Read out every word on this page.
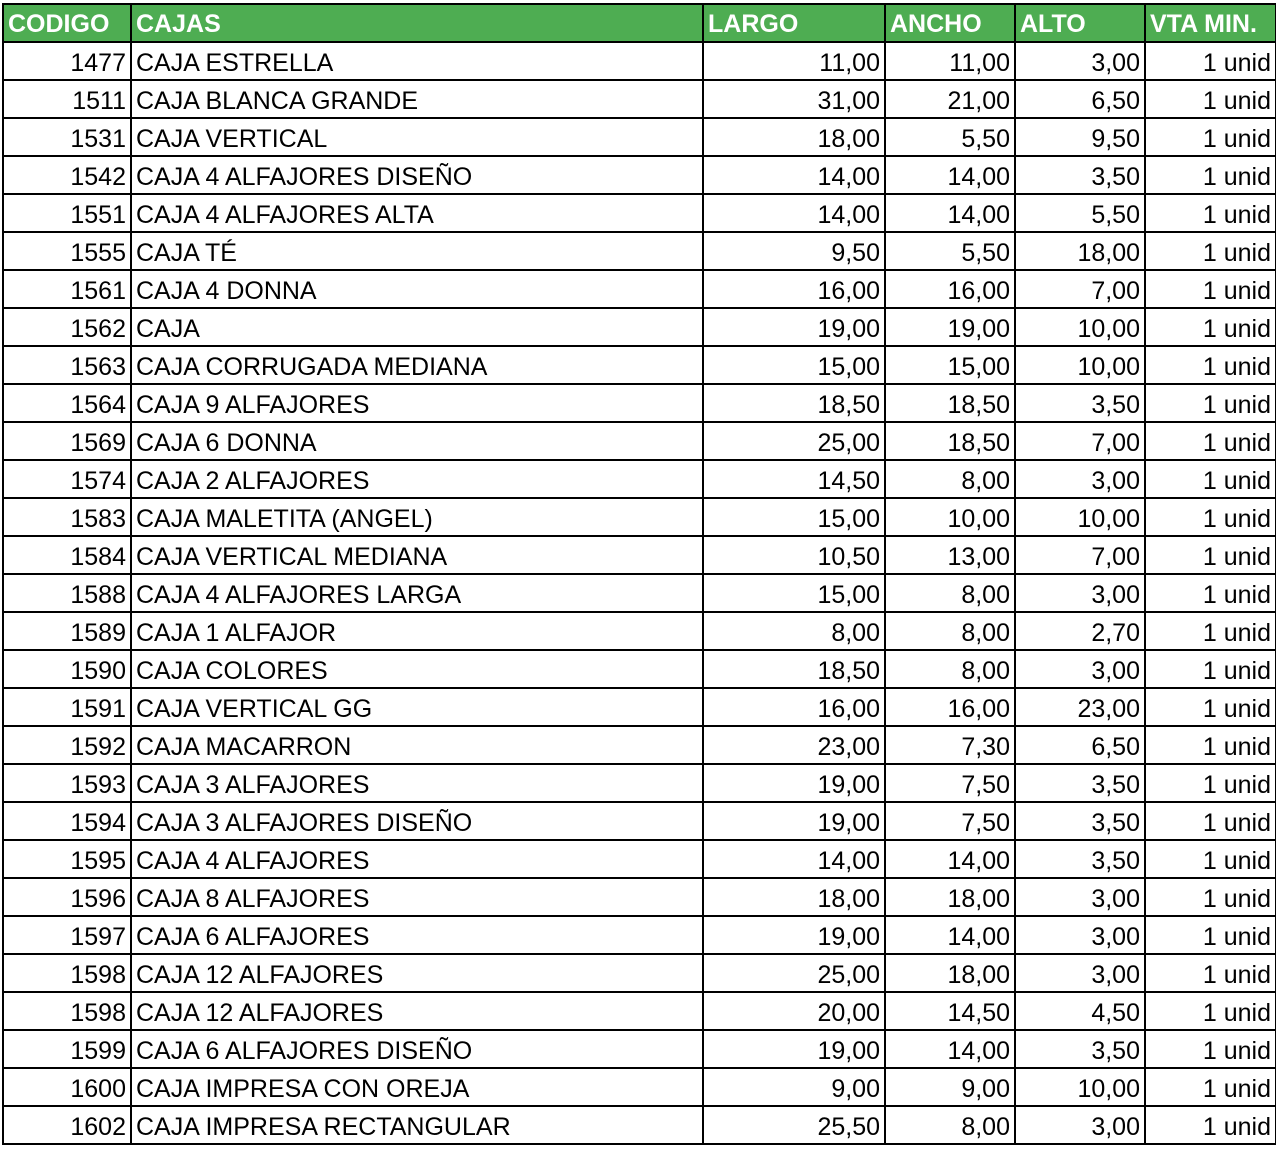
CODIGO	CAJAS	LARGO	ANCHO	ALTO	VTA MIN.
1477	CAJA ESTRELLA	11,00	11,00	3,00	1 unid
1511	CAJA BLANCA GRANDE	31,00	21,00	6,50	1 unid
1531	CAJA VERTICAL	18,00	5,50	9,50	1 unid
1542	CAJA 4 ALFAJORES DISEÑO	14,00	14,00	3,50	1 unid
1551	CAJA 4 ALFAJORES ALTA	14,00	14,00	5,50	1 unid
1555	CAJA TÉ	9,50	5,50	18,00	1 unid
1561	CAJA 4 DONNA	16,00	16,00	7,00	1 unid
1562	CAJA	19,00	19,00	10,00	1 unid
1563	CAJA CORRUGADA MEDIANA	15,00	15,00	10,00	1 unid
1564	CAJA 9 ALFAJORES	18,50	18,50	3,50	1 unid
1569	CAJA 6 DONNA	25,00	18,50	7,00	1 unid
1574	CAJA 2 ALFAJORES	14,50	8,00	3,00	1 unid
1583	CAJA MALETITA (ANGEL)	15,00	10,00	10,00	1 unid
1584	CAJA VERTICAL MEDIANA	10,50	13,00	7,00	1 unid
1588	CAJA 4 ALFAJORES LARGA	15,00	8,00	3,00	1 unid
1589	CAJA 1 ALFAJOR	8,00	8,00	2,70	1 unid
1590	CAJA COLORES	18,50	8,00	3,00	1 unid
1591	CAJA VERTICAL GG	16,00	16,00	23,00	1 unid
1592	CAJA MACARRON	23,00	7,30	6,50	1 unid
1593	CAJA 3 ALFAJORES	19,00	7,50	3,50	1 unid
1594	CAJA 3 ALFAJORES DISEÑO	19,00	7,50	3,50	1 unid
1595	CAJA 4 ALFAJORES	14,00	14,00	3,50	1 unid
1596	CAJA 8 ALFAJORES	18,00	18,00	3,00	1 unid
1597	CAJA 6 ALFAJORES	19,00	14,00	3,00	1 unid
1598	CAJA 12 ALFAJORES	25,00	18,00	3,00	1 unid
1598	CAJA 12 ALFAJORES	20,00	14,50	4,50	1 unid
1599	CAJA 6 ALFAJORES DISEÑO	19,00	14,00	3,50	1 unid
1600	CAJA IMPRESA CON OREJA	9,00	9,00	10,00	1 unid
1602	CAJA IMPRESA RECTANGULAR	25,50	8,00	3,00	1 unid
